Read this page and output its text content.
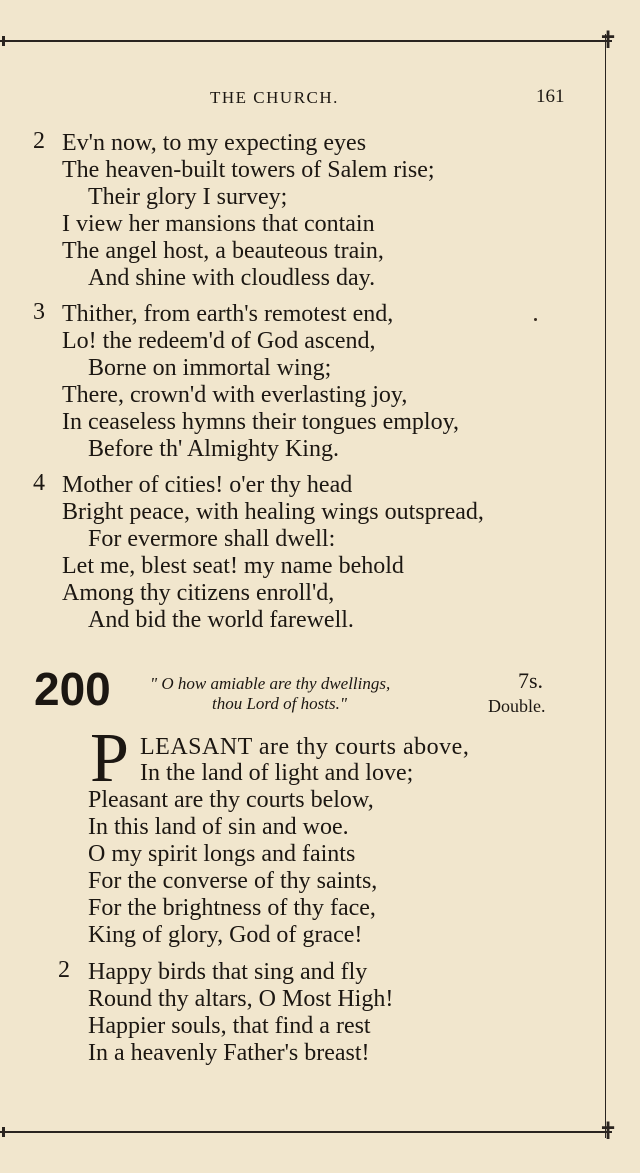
✝
✝
THE CHURCH.	161
2 Ev'n now, to my expecting eyes
The heaven-built towers of Salem rise;
Their glory I survey;
I view her mansions that contain
The angel host, a beauteous train,
And shine with cloudless day.
3 Thither, from earth's remotest end,
Lo! the redeem'd of God ascend,
Borne on immortal wing;
There, crown'd with everlasting joy,
In ceaseless hymns their tongues employ,
Before th' Almighty King.
4 Mother of cities! o'er thy head
Bright peace, with healing wings outspread,
For evermore shall dwell:
Let me, blest seat! my name behold
Among thy citizens enroll'd,
And bid the world farewell.
200 " O how amiable are thy dwellings,
thou Lord of hosts."
7s.
Double.
P LEASANT are thy courts above,
In the land of light and love;
Pleasant are thy courts below,
In this land of sin and woe.
O my spirit longs and faints
For the converse of thy saints,
For the brightness of thy face,
King of glory, God of grace!
2 Happy birds that sing and fly
Round thy altars, O Most High!
Happier souls, that find a rest
In a heavenly Father's breast!
